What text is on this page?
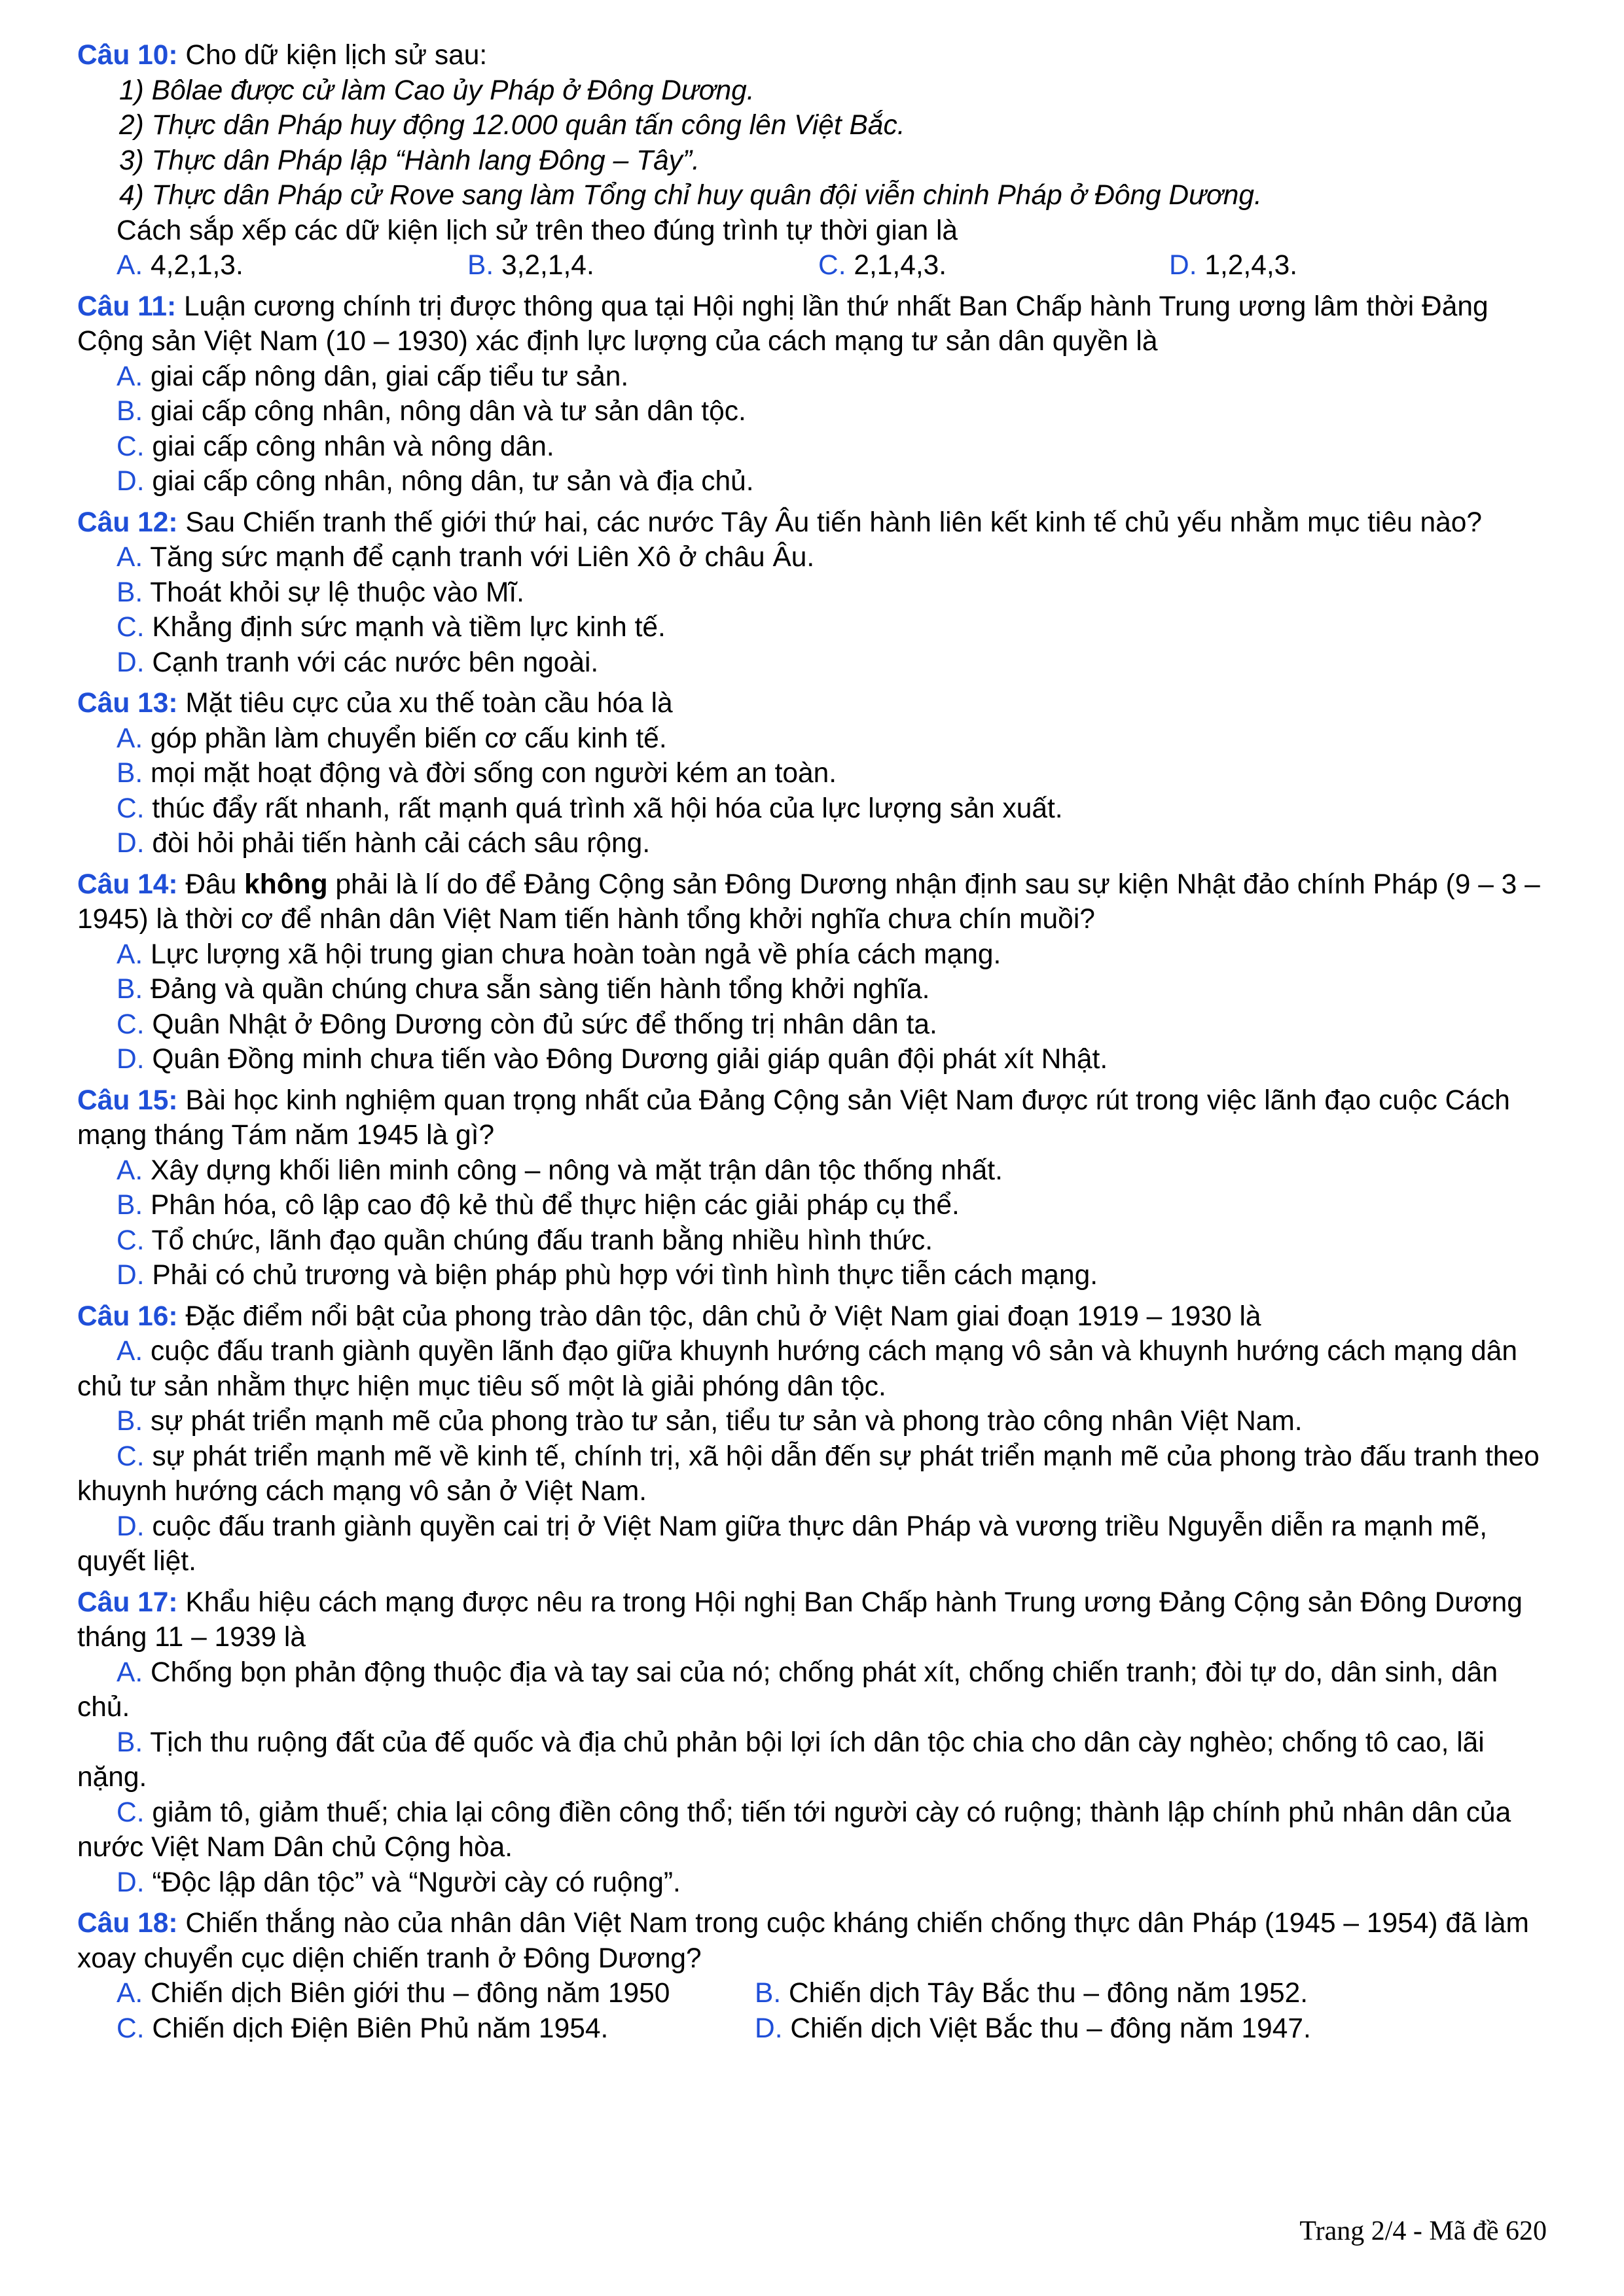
Câu 10: Cho dữ kiện lịch sử sau:
1) Bôlae được cử làm Cao ủy Pháp ở Đông Dương.
2) Thực dân Pháp huy động 12.000 quân tấn công lên Việt Bắc.
3) Thực dân Pháp lập “Hành lang Đông – Tây”.
4) Thực dân Pháp cử Rove sang làm Tổng chỉ huy quân đội viễn chinh Pháp ở Đông Dương.
Cách sắp xếp các dữ kiện lịch sử trên theo đúng trình tự thời gian là
A. 4,2,1,3.	B. 3,2,1,4.	C. 2,1,4,3.	D. 1,2,4,3.
Câu 11: Luận cương chính trị được thông qua tại Hội nghị lần thứ nhất Ban Chấp hành Trung ương lâm thời Đảng Cộng sản Việt Nam (10 – 1930) xác định lực lượng của cách mạng tư sản dân quyền là
A. giai cấp nông dân, giai cấp tiểu tư sản.
B. giai cấp công nhân, nông dân và tư sản dân tộc.
C. giai cấp công nhân và nông dân.
D. giai cấp công nhân, nông dân, tư sản và địa chủ.
Câu 12: Sau Chiến tranh thế giới thứ hai, các nước Tây Âu tiến hành liên kết kinh tế chủ yếu nhằm mục tiêu nào?
A. Tăng sức mạnh để cạnh tranh với Liên Xô ở châu Âu.
B. Thoát khỏi sự lệ thuộc vào Mĩ.
C. Khẳng định sức mạnh và tiềm lực kinh tế.
D. Cạnh tranh với các nước bên ngoài.
Câu 13: Mặt tiêu cực của xu thế toàn cầu hóa là
A. góp phần làm chuyển biến cơ cấu kinh tế.
B. mọi mặt hoạt động và đời sống con người kém an toàn.
C. thúc đẩy rất nhanh, rất mạnh quá trình xã hội hóa của lực lượng sản xuất.
D. đòi hỏi phải tiến hành cải cách sâu rộng.
Câu 14: Đâu không phải là lí do để Đảng Cộng sản Đông Dương nhận định sau sự kiện Nhật đảo chính Pháp (9 – 3 – 1945) là thời cơ để nhân dân Việt Nam tiến hành tổng khởi nghĩa chưa chín muồi?
A. Lực lượng xã hội trung gian chưa hoàn toàn ngả về phía cách mạng.
B. Đảng và quần chúng chưa sẵn sàng tiến hành tổng khởi nghĩa.
C. Quân Nhật ở Đông Dương còn đủ sức để thống trị nhân dân ta.
D. Quân Đồng minh chưa tiến vào Đông Dương giải giáp quân đội phát xít Nhật.
Câu 15: Bài học kinh nghiệm quan trọng nhất của Đảng Cộng sản Việt Nam được rút trong việc lãnh đạo cuộc Cách mạng tháng Tám năm 1945 là gì?
A. Xây dựng khối liên minh công – nông và mặt trận dân tộc thống nhất.
B. Phân hóa, cô lập cao độ kẻ thù để thực hiện các giải pháp cụ thể.
C. Tổ chức, lãnh đạo quần chúng đấu tranh bằng nhiều hình thức.
D. Phải có chủ trương và biện pháp phù hợp với tình hình thực tiễn cách mạng.
Câu 16: Đặc điểm nổi bật của phong trào dân tộc, dân chủ ở Việt Nam giai đoạn 1919 – 1930 là
A. cuộc đấu tranh giành quyền lãnh đạo giữa khuynh hướng cách mạng vô sản và khuynh hướng cách mạng dân chủ tư sản nhằm thực hiện mục tiêu số một là giải phóng dân tộc.
B. sự phát triển mạnh mẽ của phong trào tư sản, tiểu tư sản và phong trào công nhân Việt Nam.
C. sự phát triển mạnh mẽ về kinh tế, chính trị, xã hội dẫn đến sự phát triển mạnh mẽ của phong trào đấu tranh theo khuynh hướng cách mạng vô sản ở Việt Nam.
D. cuộc đấu tranh giành quyền cai trị ở Việt Nam giữa thực dân Pháp và vương triều Nguyễn diễn ra mạnh mẽ, quyết liệt.
Câu 17: Khẩu hiệu cách mạng được nêu ra trong Hội nghị Ban Chấp hành Trung ương Đảng Cộng sản Đông Dương tháng 11 – 1939 là
A. Chống bọn phản động thuộc địa và tay sai của nó; chống phát xít, chống chiến tranh; đòi tự do, dân sinh, dân chủ.
B. Tịch thu ruộng đất của đế quốc và địa chủ phản bội lợi ích dân tộc chia cho dân cày nghèo; chống tô cao, lãi nặng.
C. giảm tô, giảm thuế; chia lại công điền công thổ; tiến tới người cày có ruộng; thành lập chính phủ nhân dân của nước Việt Nam Dân chủ Cộng hòa.
D. “Độc lập dân tộc” và “Người cày có ruộng”.
Câu 18: Chiến thắng nào của nhân dân Việt Nam trong cuộc kháng chiến chống thực dân Pháp (1945 – 1954) đã làm xoay chuyển cục diện chiến tranh ở Đông Dương?
A. Chiến dịch Biên giới thu – đông năm 1950	B. Chiến dịch Tây Bắc thu – đông năm 1952.
C. Chiến dịch Điện Biên Phủ năm 1954.	D. Chiến dịch Việt Bắc thu – đông năm 1947.
Trang 2/4 - Mã đề 620
